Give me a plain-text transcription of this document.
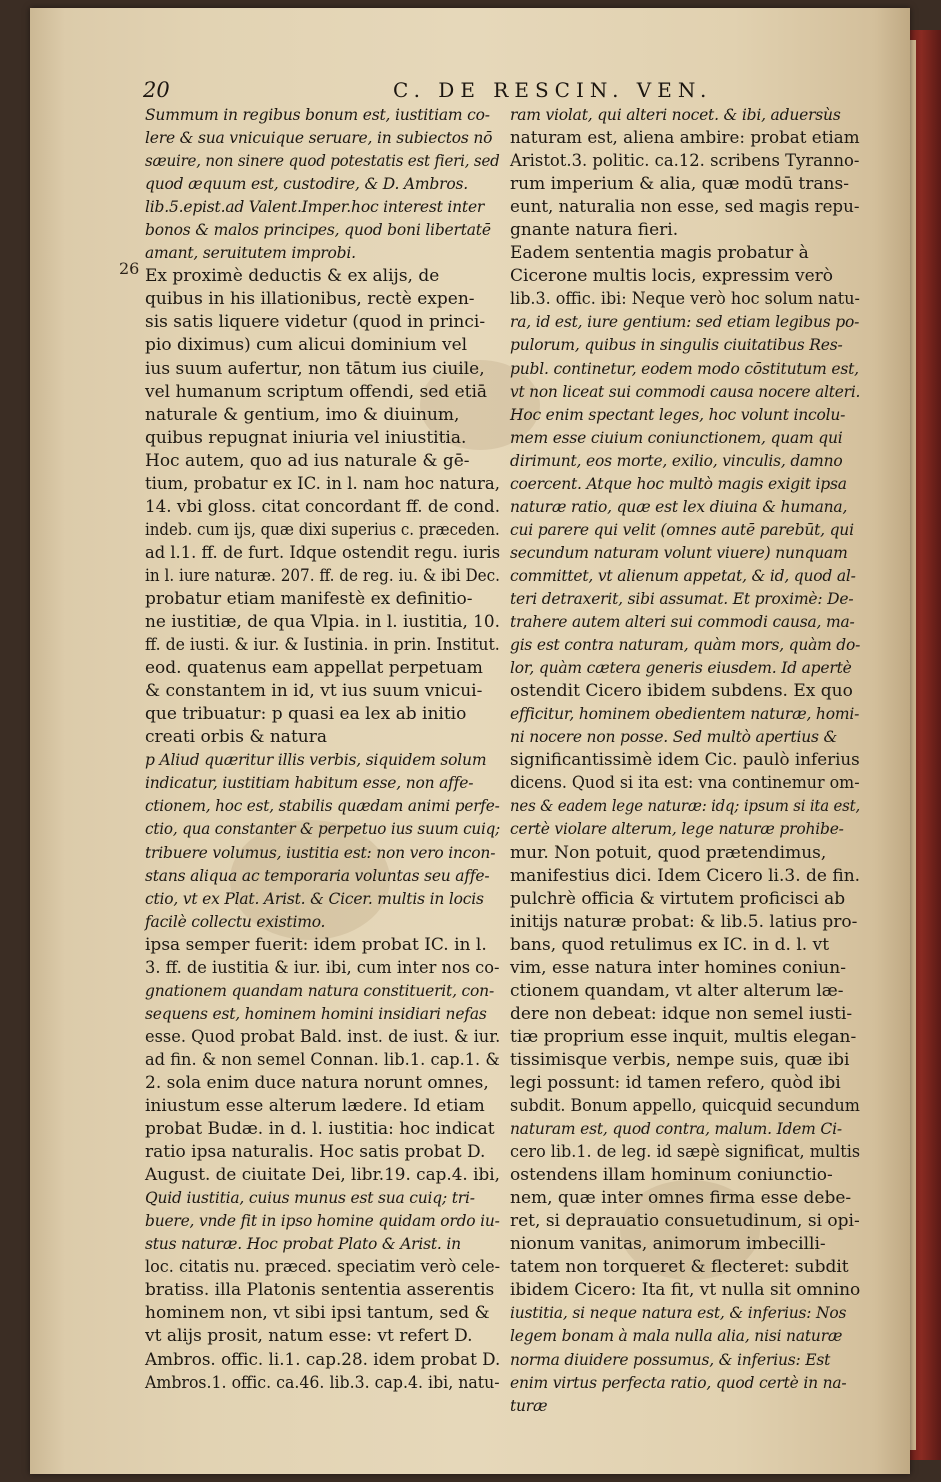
20	C. DE RESCIN. VEN.
26
Summum in regibus bonum est, iustitiam co-
lere & sua vnicuique seruare, in subiectos nō
sæuire, non sinere quod potestatis est fieri, sed
quod æquum est, custodire, & D. Ambros.
lib.5.epist.ad Valent.Imper.hoc interest inter
bonos & malos principes, quod boni libertatē
amant, seruitutem improbi.
Ex proximè deductis & ex alijs, de
quibus in his illationibus, rectè expen-
sis satis liquere videtur (quod in princi-
pio diximus) cum alicui dominium vel
ius suum aufertur, non tātum ius ciuile,
vel humanum scriptum offendi, sed etiā
naturale & gentium, imo & diuinum,
quibus repugnat iniuria vel iniustitia.
Hoc autem, quo ad ius naturale & gē-
tium, probatur ex IC. in l. nam hoc natura,
14. vbi gloss. citat concordant ff. de cond.
indeb. cum ijs, quæ dixi superius c. præceden.
ad l.1. ff. de furt. Idque ostendit regu. iuris
in l. iure naturæ. 207. ff. de reg. iu. & ibi Dec.
probatur etiam manifestè ex definitio-
ne iustitiæ, de qua Vlpia. in l. iustitia, 10.
ff. de iusti. & iur. & Iustinia. in prin. Institut.
eod. quatenus eam appellat perpetuam
& constantem in id, vt ius suum vnicui-
que tribuatur: p quasi ea lex ab initio
creati orbis & natura
p Aliud quæritur illis verbis, siquidem solum
indicatur, iustitiam habitum esse, non affe-
ctionem, hoc est, stabilis quædam animi perfe-
ctio, qua constanter & perpetuo ius suum cuiq;
tribuere volumus, iustitia est: non vero incon-
stans aliqua ac temporaria voluntas seu affe-
ctio, vt ex Plat. Arist. & Cicer. multis in locis
facilè collectu existimo.
ipsa semper fuerit: idem probat IC. in l.
3. ff. de iustitia & iur. ibi, cum inter nos co-
gnationem quandam natura constituerit, con-
sequens est, hominem homini insidiari nefas
esse. Quod probat Bald. inst. de iust. & iur.
ad fin. & non semel Connan. lib.1. cap.1. &
2. sola enim duce natura norunt omnes,
iniustum esse alterum lædere. Id etiam
probat Budæ. in d. l. iustitia: hoc indicat
ratio ipsa naturalis. Hoc satis probat D.
August. de ciuitate Dei, libr.19. cap.4. ibi,
Quid iustitia, cuius munus est sua cuiq; tri-
buere, vnde fit in ipso homine quidam ordo iu-
stus naturæ. Hoc probat Plato & Arist. in
loc. citatis nu. præced. speciatim verò cele-
bratiss. illa Platonis sententia asserentis
hominem non, vt sibi ipsi tantum, sed &
vt alijs prosit, natum esse: vt refert D.
Ambros. offic. li.1. cap.28. idem probat D.
Ambros.1. offic. ca.46. lib.3. cap.4. ibi, natu-
ram violat, qui alteri nocet. & ibi, aduersùs
naturam est, aliena ambire: probat etiam
Aristot.3. politic. ca.12. scribens Tyranno-
rum imperium & alia, quæ modū trans-
eunt, naturalia non esse, sed magis repu-
gnante natura fieri.
Eadem sententia magis probatur à
Cicerone multis locis, expressim verò
lib.3. offic. ibi: Neque verò hoc solum natu-
ra, id est, iure gentium: sed etiam legibus po-
pulorum, quibus in singulis ciuitatibus Res-
publ. continetur, eodem modo cōstitutum est,
vt non liceat sui commodi causa nocere alteri.
Hoc enim spectant leges, hoc volunt incolu-
mem esse ciuium coniunctionem, quam qui
dirimunt, eos morte, exilio, vinculis, damno
coercent. Atque hoc multò magis exigit ipsa
naturæ ratio, quæ est lex diuina & humana,
cui parere qui velit (omnes autē parebūt, qui
secundum naturam volunt viuere) nunquam
committet, vt alienum appetat, & id, quod al-
teri detraxerit, sibi assumat. Et proximè: De-
trahere autem alteri sui commodi causa, ma-
gis est contra naturam, quàm mors, quàm do-
lor, quàm cætera generis eiusdem. Id apertè
ostendit Cicero ibidem subdens. Ex quo
efficitur, hominem obedientem naturæ, homi-
ni nocere non posse. Sed multò apertius &
significantissimè idem Cic. paulò inferius
dicens. Quod si ita est: vna continemur om-
nes & eadem lege naturæ: idq; ipsum si ita est,
certè violare alterum, lege naturæ prohibe-
mur. Non potuit, quod prætendimus,
manifestius dici. Idem Cicero li.3. de fin.
pulchrè officia & virtutem proficisci ab
initijs naturæ probat: & lib.5. latius pro-
bans, quod retulimus ex IC. in d. l. vt
vim, esse natura inter homines coniun-
ctionem quandam, vt alter alterum læ-
dere non debeat: idque non semel iusti-
tiæ proprium esse inquit, multis elegan-
tissimisque verbis, nempe suis, quæ ibi
legi possunt: id tamen refero, quòd ibi
subdit. Bonum appello, quicquid secundum
naturam est, quod contra, malum. Idem Ci-
cero lib.1. de leg. id sæpè significat, multis
ostendens illam hominum coniunctio-
nem, quæ inter omnes firma esse debe-
ret, si deprauatio consuetudinum, si opi-
nionum vanitas, animorum imbecilli-
tatem non torqueret & flecteret: subdit
ibidem Cicero: Ita fit, vt nulla sit omnino
iustitia, si neque natura est, & inferius: Nos
legem bonam à mala nulla alia, nisi naturæ
norma diuidere possumus, & inferius: Est
enim virtus perfecta ratio, quod certè in na-
turæ
